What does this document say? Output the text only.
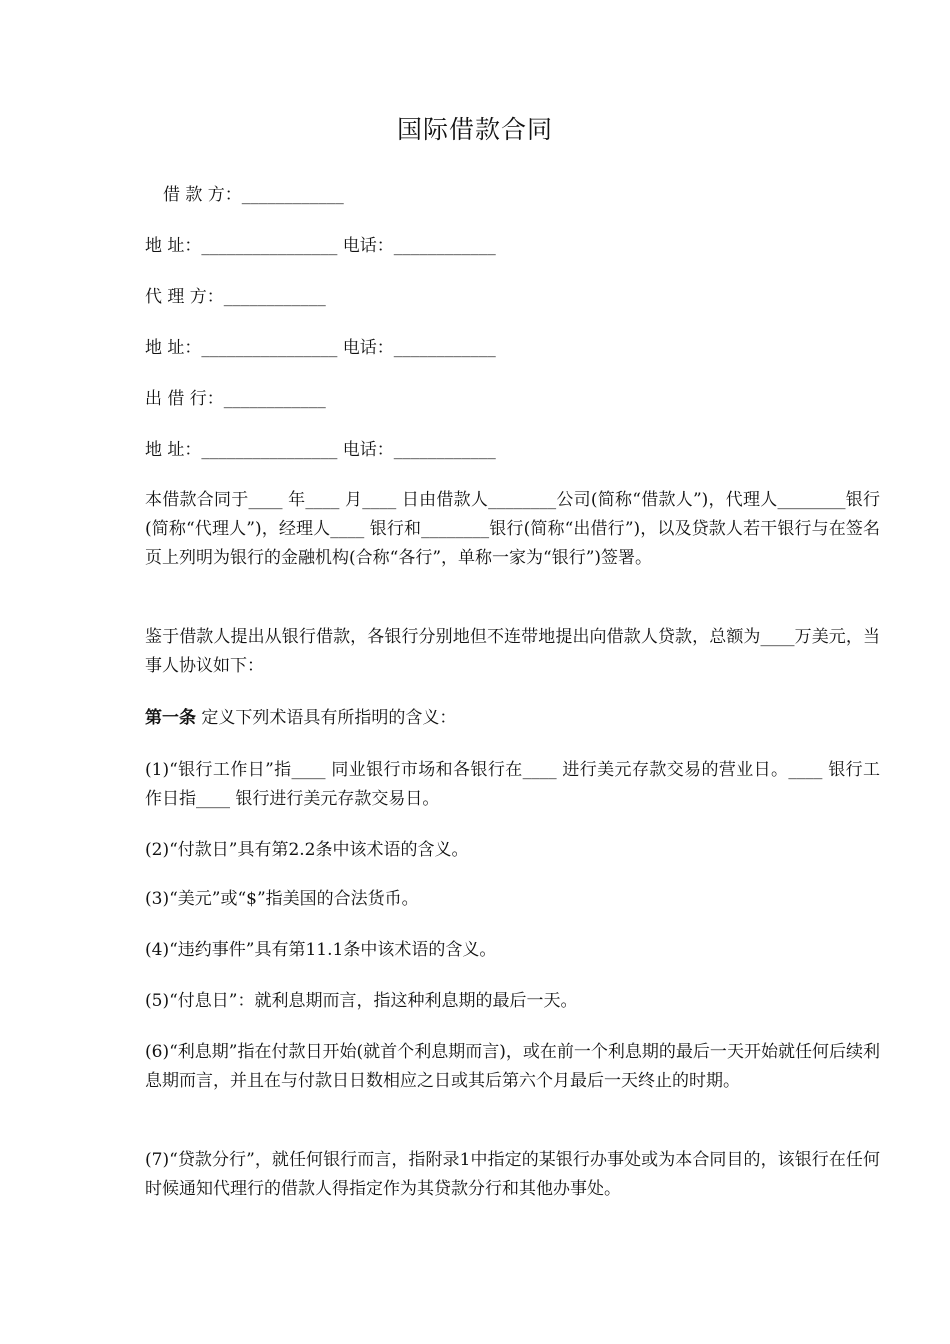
国际借款合同
借 款 方：____________
地 址：________________ 电话：____________
代 理 方：____________
地 址：________________ 电话：____________
出 借 行：____________
地 址：________________ 电话：____________
本借款合同于____ 年____ 月____ 日由借款人________公司(简称“借款人”)，代理人________银行(简称“代理人”)，经理人____ 银行和________银行(简称“出借行”)，以及贷款人若干银行与在签名页上列明为银行的金融机构(合称“各行”，单称一家为“银行”)签署。
鉴于借款人提出从银行借款，各银行分别地但不连带地提出向借款人贷款，总额为____万美元，当事人协议如下：
第一条 定义下列术语具有所指明的含义：
(1)“银行工作日”指____ 同业银行市场和各银行在____ 进行美元存款交易的营业日。____ 银行工作日指____ 银行进行美元存款交易日。
(2)“付款日”具有第2.2条中该术语的含义。
(3)“美元”或“$”指美国的合法货币。
(4)“违约事件”具有第11.1条中该术语的含义。
(5)“付息日”：就利息期而言，指这种利息期的最后一天。
(6)“利息期”指在付款日开始(就首个利息期而言)，或在前一个利息期的最后一天开始就任何后续利息期而言，并且在与付款日日数相应之日或其后第六个月最后一天终止的时期。
(7)“贷款分行”，就任何银行而言，指附录1中指定的某银行办事处或为本合同目的，该银行在任何时候通知代理行的借款人得指定作为其贷款分行和其他办事处。
